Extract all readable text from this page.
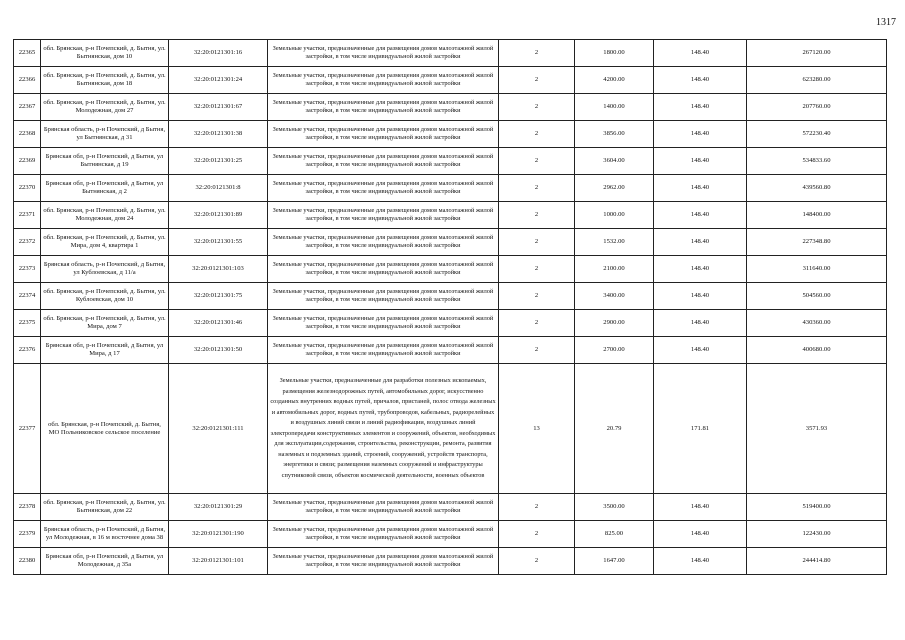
1317
22365	обл. Брянская, р-н Почепский, д. Бытня, ул. Бытнянская, дом 10	32:20:0121301:16	Земельные участки, предназначенные для размещения домов малоэтажной жилой застройки, в том числе индивидуальной жилой застройки	2	1800.00	148.40	267120.00
22366	обл. Брянская, р-н Почепский, д. Бытня, ул. Бытнянская, дом 18	32:20:0121301:24	Земельные участки, предназначенные для размещения домов малоэтажной жилой застройки, в том числе индивидуальной жилой застройки	2	4200.00	148.40	623280.00
22367	обл. Брянская, р-н Почепский, д. Бытня, ул. Молодежная, дом 27	32:20:0121301:67	Земельные участки, предназначенные для размещения домов малоэтажной жилой застройки, в том числе индивидуальной жилой застройки	2	1400.00	148.40	207760.00
22368	Брянская область, р-н Почепский, д Бытня, ул Бытнянская, д 31	32:20:0121301:38	Земельные участки, предназначенные для размещения домов малоэтажной жилой застройки, в том числе индивидуальной жилой застройки	2	3856.00	148.40	572230.40
22369	Брянская обл, р-н Почепский, д Бытня, ул Бытнянская, д 19	32:20:0121301:25	Земельные участки, предназначенные для размещения домов малоэтажной жилой застройки, в том числе индивидуальной жилой застройки	2	3604.00	148.40	534833.60
22370	Брянская обл, р-н Почепский, д Бытня, ул Бытнянская, д 2	32:20:0121301:8	Земельные участки, предназначенные для размещения домов малоэтажной жилой застройки, в том числе индивидуальной жилой застройки	2	2962.00	148.40	439560.80
22371	обл. Брянская, р-н Почепский, д. Бытня, ул. Молодежная, дом 24	32:20:0121301:89	Земельные участки, предназначенные для размещения домов малоэтажной жилой застройки, в том числе индивидуальной жилой застройки	2	1000.00	148.40	148400.00
22372	обл. Брянская, р-н Почепский, д. Бытня, ул. Мира, дом 4, квартира 1	32:20:0121301:55	Земельные участки, предназначенные для размещения домов малоэтажной жилой застройки, в том числе индивидуальной жилой застройки	2	1532.00	148.40	227348.80
22373	Брянская область, р-н Почепский, д Бытня, ул Кублоевская, д 11/а	32:20:0121301:103	Земельные участки, предназначенные для размещения домов малоэтажной жилой застройки, в том числе индивидуальной жилой застройки	2	2100.00	148.40	311640.00
22374	обл. Брянская, р-н Почепский, д. Бытня, ул. Кублоевская, дом 10	32:20:0121301:75	Земельные участки, предназначенные для размещения домов малоэтажной жилой застройки, в том числе индивидуальной жилой застройки	2	3400.00	148.40	504560.00
22375	обл. Брянская, р-н Почепский, д. Бытня, ул. Мира, дом 7	32:20:0121301:46	Земельные участки, предназначенные для размещения домов малоэтажной жилой застройки, в том числе индивидуальной жилой застройки	2	2900.00	148.40	430360.00
22376	Брянская обл, р-н Почепский, д Бытня, ул Мира, д 17	32:20:0121301:50	Земельные участки, предназначенные для размещения домов малоэтажной жилой застройки, в том числе индивидуальной жилой застройки	2	2700.00	148.40	400680.00
22377	обл. Брянская, р-н Почепский, д. Бытня, МО Польниковское сельское поселение	32:20:0121301:111	Земельные участки, предназначенные для разработки полезных ископаемых, размещения железнодорожных путей, автомобильных дорог, искусственно созданных внутренних водных путей, причалов, пристаней, полос отвода железных и автомобильных дорог, водных путей, трубопроводов, кабельных, радиорелейных и воздушных линий связи и линий радиофикации, воздушных линий электропередачи конструктивных элементов и сооружений, объектов, необходимых для эксплуатации,содержания, строительства, реконструкции, ремонта, развития наземных и подземных зданий, строений, сооружений, устройств транспорта, энергетики и связи; размещения наземных сооружений и инфраструктуры спутниковой связи, объектов космической деятельности, военных объектов	13	20.79	171.81	3571.93
22378	обл. Брянская, р-н Почепский, д. Бытня, ул. Бытнянская, дом 22	32:20:0121301:29	Земельные участки, предназначенные для размещения домов малоэтажной жилой застройки, в том числе индивидуальной жилой застройки	2	3500.00	148.40	519400.00
22379	Брянская область, р-н Почепский, д Бытня, ул Молодежная, в 16 м восточнее дома 38	32:20:0121301:190	Земельные участки, предназначенные для размещения домов малоэтажной жилой застройки, в том числе индивидуальной жилой застройки	2	825.00	148.40	122430.00
22380	Брянская обл, р-н Почепский, д Бытня, ул Молодежная, д 35а	32:20:0121301:101	Земельные участки, предназначенные для размещения домов малоэтажной жилой застройки, в том числе индивидуальной жилой застройки	2	1647.00	148.40	244414.80
